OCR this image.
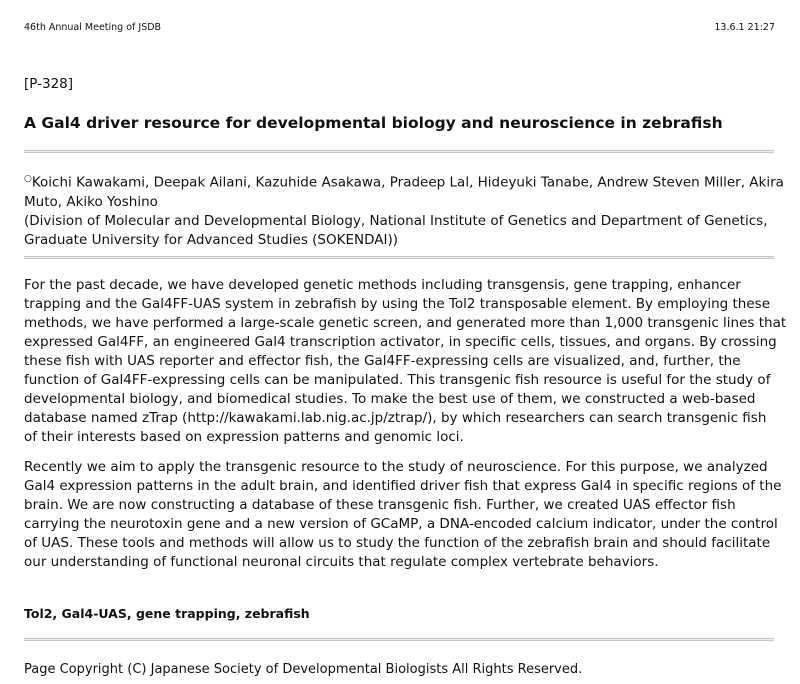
46th Annual Meeting of JSDB	13.6.1 21:27
[P-328]
A Gal4 driver resource for developmental biology and neuroscience in zebrafish
○Koichi Kawakami, Deepak Ailani, Kazuhide Asakawa, Pradeep Lal, Hideyuki Tanabe, Andrew Steven Miller, Akira
Muto, Akiko Yoshino
(Division of Molecular and Developmental Biology, National Institute of Genetics and Department of Genetics,
Graduate University for Advanced Studies (SOKENDAI))

For the past decade, we have developed genetic methods including transgensis, gene trapping, enhancer
trapping and the Gal4FF-UAS system in zebrafish by using the Tol2 transposable element. By employing these
methods, we have performed a large-scale genetic screen, and generated more than 1,000 transgenic lines that
expressed Gal4FF, an engineered Gal4 transcription activator, in specific cells, tissues, and organs. By crossing
these fish with UAS reporter and effector fish, the Gal4FF-expressing cells are visualized, and, further, the
function of Gal4FF-expressing cells can be manipulated. This transgenic fish resource is useful for the study of
developmental biology, and biomedical studies. To make the best use of them, we constructed a web-based
database named zTrap (http://kawakami.lab.nig.ac.jp/ztrap/), by which researchers can search transgenic fish
of their interests based on expression patterns and genomic loci.

Recently we aim to apply the transgenic resource to the study of neuroscience. For this purpose, we analyzed
Gal4 expression patterns in the adult brain, and identified driver fish that express Gal4 in specific regions of the
brain. We are now constructing a database of these transgenic fish. Further, we created UAS effector fish
carrying the neurotoxin gene and a new version of GCaMP, a DNA-encoded calcium indicator, under the control
of UAS. These tools and methods will allow us to study the function of the zebrafish brain and should facilitate
our understanding of functional neuronal circuits that regulate complex vertebrate behaviors.

Tol2, Gal4-UAS, gene trapping, zebrafish
Page Copyright (C) Japanese Society of Developmental Biologists All Rights Reserved.
